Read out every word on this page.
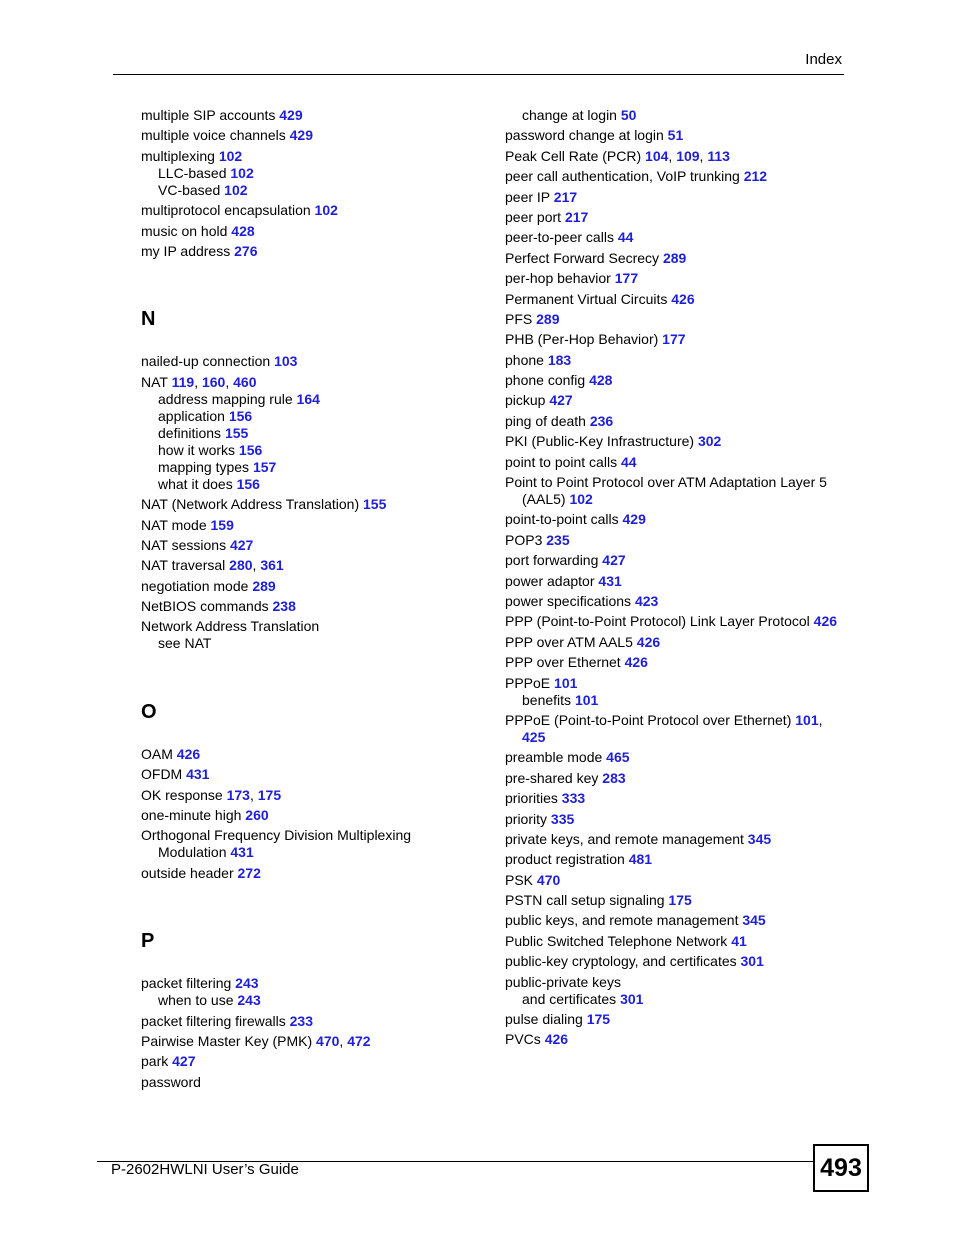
Index
multiple SIP accounts 429
multiple voice channels 429
multiplexing 102
LLC-based 102
VC-based 102
multiprotocol encapsulation 102
music on hold 428
my IP address 276
N
nailed-up connection 103
NAT 119, 160, 460
address mapping rule 164
application 156
definitions 155
how it works 156
mapping types 157
what it does 156
NAT (Network Address Translation) 155
NAT mode 159
NAT sessions 427
NAT traversal 280, 361
negotiation mode 289
NetBIOS commands 238
Network Address Translation
see NAT
O
OAM 426
OFDM 431
OK response 173, 175
one-minute high 260
Orthogonal Frequency Division Multiplexing
Modulation 431
outside header 272
P
packet filtering 243
when to use 243
packet filtering firewalls 233
Pairwise Master Key (PMK) 470, 472
park 427
password
change at login 50
password change at login 51
Peak Cell Rate (PCR) 104, 109, 113
peer call authentication, VoIP trunking 212
peer IP 217
peer port 217
peer-to-peer calls 44
Perfect Forward Secrecy 289
per-hop behavior 177
Permanent Virtual Circuits 426
PFS 289
PHB (Per-Hop Behavior) 177
phone 183
phone config 428
pickup 427
ping of death 236
PKI (Public-Key Infrastructure) 302
point to point calls 44
Point to Point Protocol over ATM Adaptation Layer 5
(AAL5) 102
point-to-point calls 429
POP3 235
port forwarding 427
power adaptor 431
power specifications 423
PPP (Point-to-Point Protocol) Link Layer Protocol 426
PPP over ATM AAL5 426
PPP over Ethernet 426
PPPoE 101
benefits 101
PPPoE (Point-to-Point Protocol over Ethernet) 101,
425
preamble mode 465
pre-shared key 283
priorities 333
priority 335
private keys, and remote management 345
product registration 481
PSK 470
PSTN call setup signaling 175
public keys, and remote management 345
Public Switched Telephone Network 41
public-key cryptology, and certificates 301
public-private keys
and certificates 301
pulse dialing 175
PVCs 426
P-2602HWLNI User’s Guide	493
